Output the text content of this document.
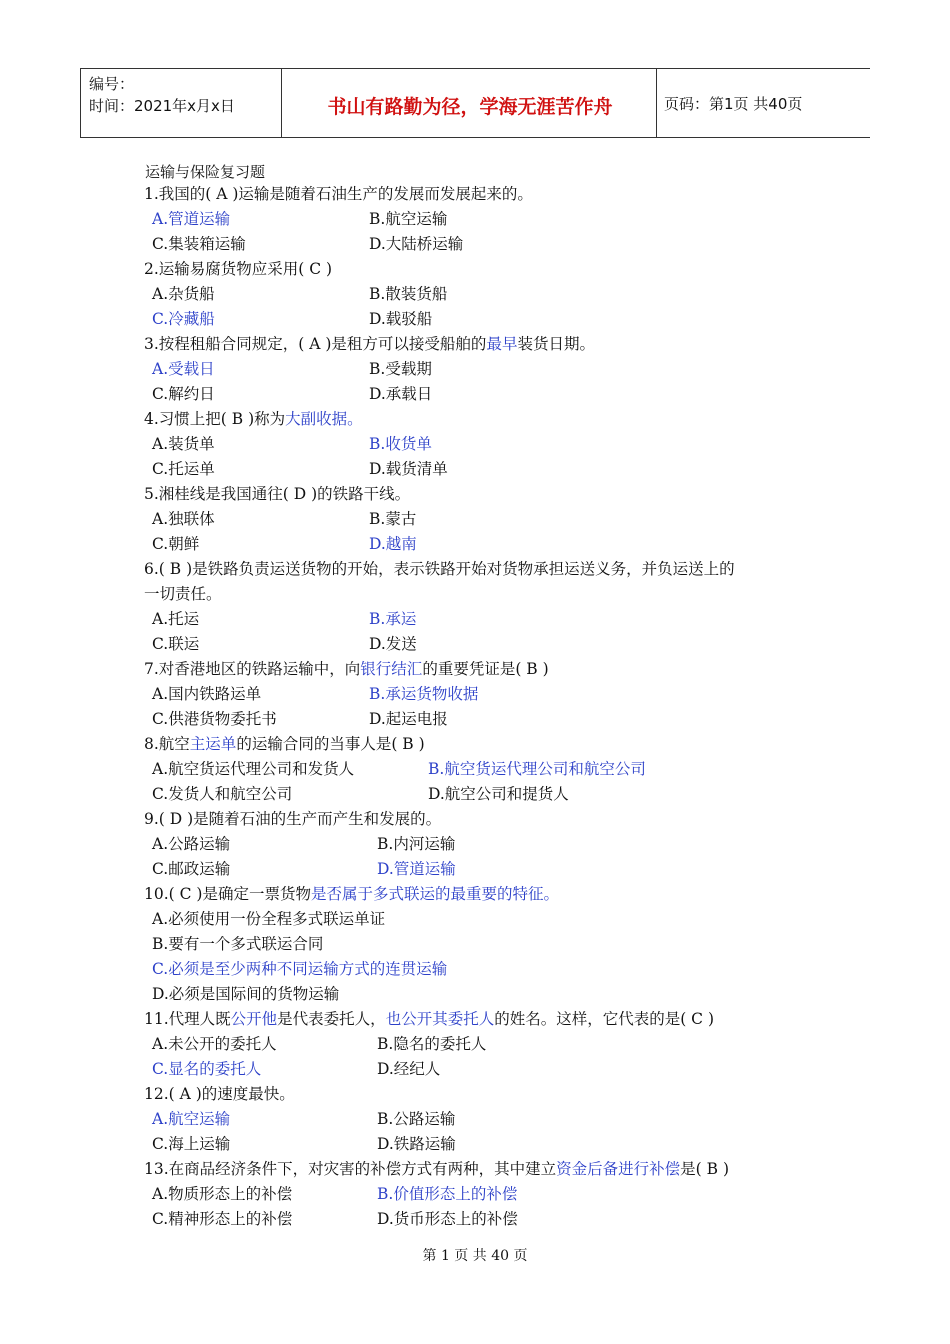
编号：
时间：2021年x月x日	书山有路勤为径，学海无涯苦作舟	页码：第1页 共40页
运输与保险复习题
1.我国的( A )运输是随着石油生产的发展而发展起来的。
A.管道运输	B.航空运输
C.集装箱运输	D.大陆桥运输
2.运输易腐货物应采用( C )
A.杂货船	B.散装货船
C.冷藏船	D.载驳船
3.按程租船合同规定，( A )是租方可以接受船舶的最早装货日期。
A.受载日	B.受载期
C.解约日	D.承载日
4.习惯上把( B )称为大副收据。
A.装货单	B.收货单
C.托运单	D.载货清单
5.湘桂线是我国通往( D )的铁路干线。
A.独联体	B.蒙古
C.朝鲜	D.越南
6.( B )是铁路负责运送货物的开始，表示铁路开始对货物承担运送义务，并负运送上的
一切责任。
A.托运	B.承运
C.联运	D.发送
7.对香港地区的铁路运输中，向银行结汇的重要凭证是( B )
A.国内铁路运单	B.承运货物收据
C.供港货物委托书	D.起运电报
8.航空主运单的运输合同的当事人是( B )
A.航空货运代理公司和发货人	B.航空货运代理公司和航空公司
C.发货人和航空公司	D.航空公司和提货人
9.( D )是随着石油的生产而产生和发展的。
A.公路运输	B.内河运输
C.邮政运输	D.管道运输
10.( C )是确定一票货物是否属于多式联运的最重要的特征。
A.必须使用一份全程多式联运单证
B.要有一个多式联运合同
C.必须是至少两种不同运输方式的连贯运输
D.必须是国际间的货物运输
11.代理人既公开他是代表委托人，也公开其委托人的姓名。这样，它代表的是( C )
A.未公开的委托人	B.隐名的委托人
C.显名的委托人	D.经纪人
12.( A )的速度最快。
A.航空运输	B.公路运输
C.海上运输	D.铁路运输
13.在商品经济条件下，对灾害的补偿方式有两种，其中建立资金后备进行补偿是( B )
A.物质形态上的补偿	B.价值形态上的补偿
C.精神形态上的补偿	D.货币形态上的补偿
第 1 页 共 40 页
